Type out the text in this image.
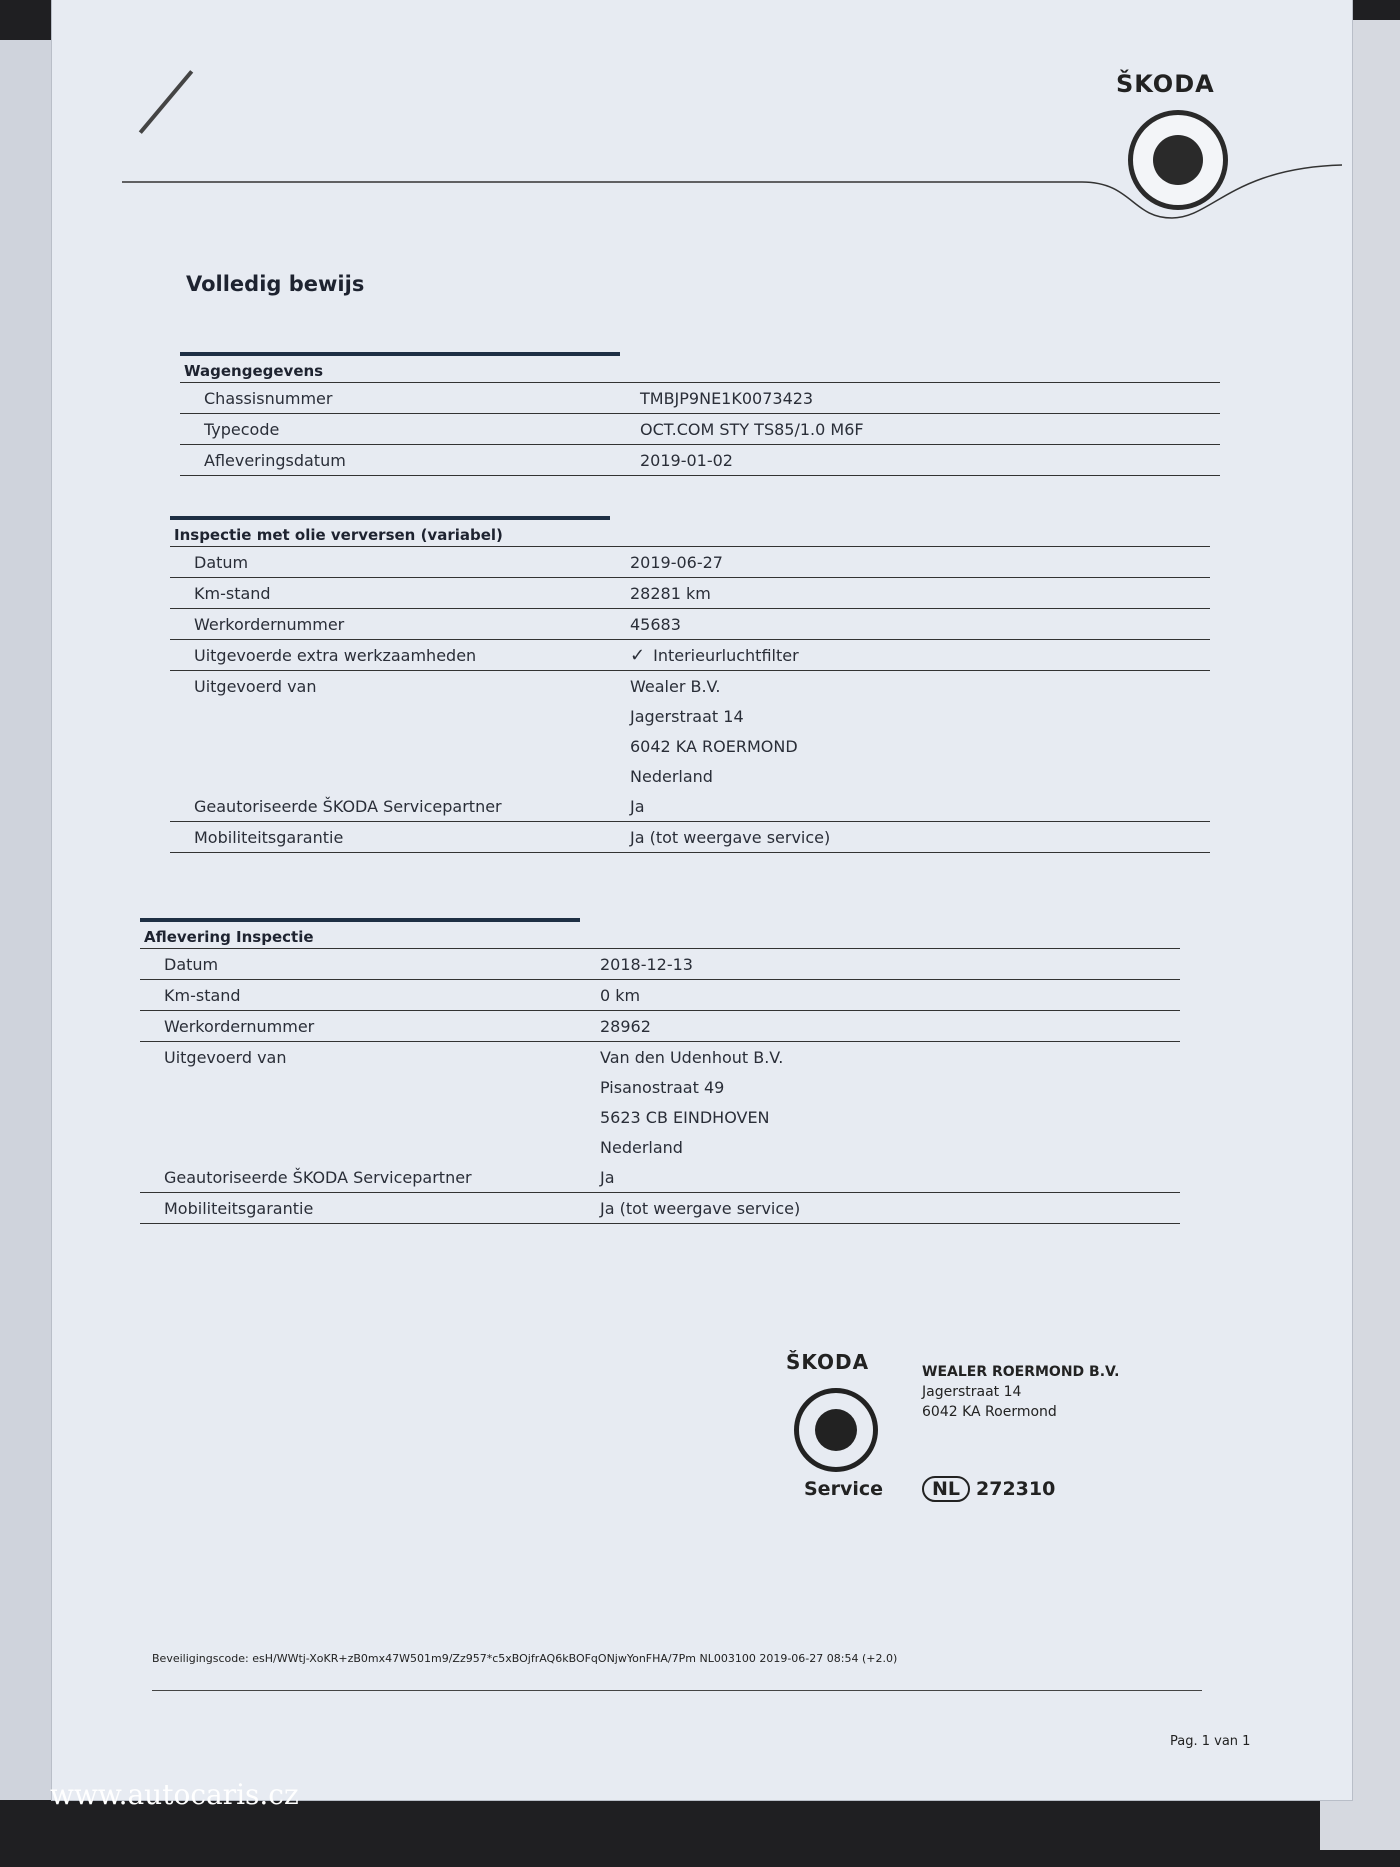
ŠKODA
Volledig bewijs
Wagengegevens
Chassisnummer	TMBJP9NE1K0073423
Typecode	OCT.COM STY TS85/1.0 M6F
Afleveringsdatum	2019-01-02
Inspectie met olie verversen (variabel)
Datum	2019-06-27
Km-stand	28281 km
Werkordernummer	45683
Uitgevoerde extra werkzaamheden	✓ Interieurluchtfilter
Uitgevoerd van	Wealer B.V.
Jagerstraat 14
6042 KA ROERMOND
Nederland
Geautoriseerde ŠKODA Servicepartner	Ja
Mobiliteitsgarantie	Ja (tot weergave service)
Aflevering Inspectie
Datum	2018-12-13
Km-stand	0 km
Werkordernummer	28962
Uitgevoerd van	Van den Udenhout B.V.
Pisanostraat 49
5623 CB EINDHOVEN
Nederland
Geautoriseerde ŠKODA Servicepartner	Ja
Mobiliteitsgarantie	Ja (tot weergave service)
ŠKODA
Service
WEALER ROERMOND B.V.
Jagerstraat 14
6042 KA Roermond
NL 272310
Beveiligingscode: esH/WWtj-XoKR+zB0mx47W501m9/Zz957*c5xBOjfrAQ6kBOFqONjwYonFHA/7Pm NL003100 2019-06-27 08:54 (+2.0)
Pag. 1 van 1
www.autocaris.cz
